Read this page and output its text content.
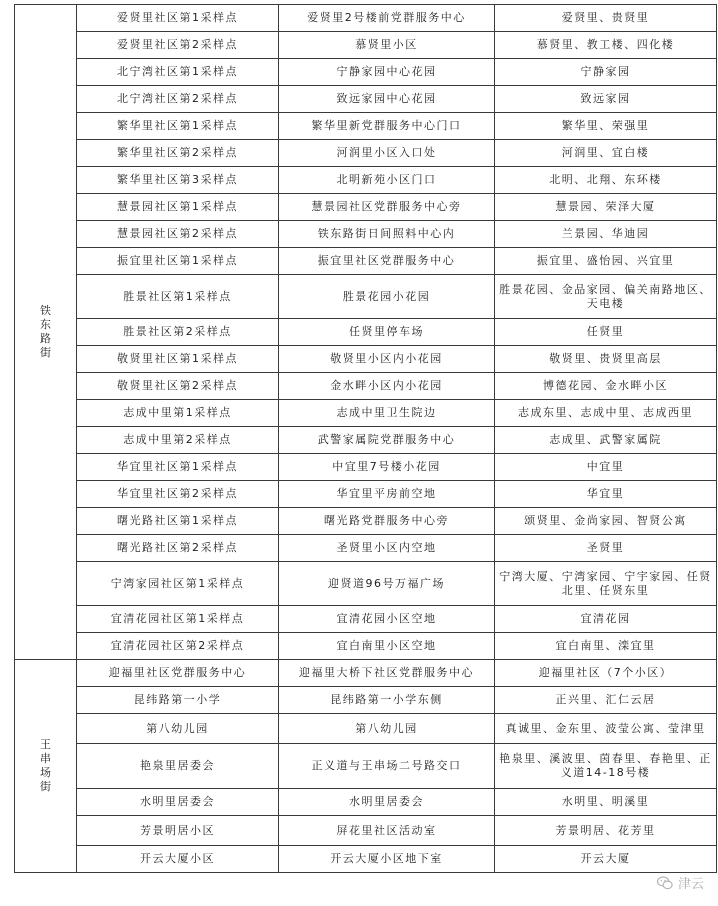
铁东路街	爱贤里社区第1采样点	爱贤里2号楼前党群服务中心	爱贤里、贵贤里
	爱贤里社区第2采样点	慕贤里小区	慕贤里、教工楼、四化楼
	北宁湾社区第1采样点	宁静家园中心花园	宁静家园
	北宁湾社区第2采样点	致远家园中心花园	致远家园
	繁华里社区第1采样点	繁华里新党群服务中心门口	繁华里、荣强里
	繁华里社区第2采样点	河润里小区入口处	河润里、宜白楼
	繁华里社区第3采样点	北明新苑小区门口	北明、北翔、东环楼
	慧景园社区第1采样点	慧景园社区党群服务中心旁	慧景园、荣泽大厦
	慧景园社区第2采样点	铁东路街日间照料中心内	兰景园、华迪园
	振宜里社区第1采样点	振宜里社区党群服务中心	振宜里、盛怡园、兴宜里
	胜景社区第1采样点	胜景花园小花园	胜景花园、金品家园、偏关南路地区、天电楼
	胜景社区第2采样点	任贤里停车场	任贤里
	敬贤里社区第1采样点	敬贤里小区内小花园	敬贤里、贵贤里高层
	敬贤里社区第2采样点	金水畔小区内小花园	博德花园、金水畔小区
	志成中里第1采样点	志成中里卫生院边	志成东里、志成中里、志成西里
	志成中里第2采样点	武警家属院党群服务中心	志成里、武警家属院
	华宜里社区第1采样点	中宜里7号楼小花园	中宜里
	华宜里社区第2采样点	华宜里平房前空地	华宜里
	曙光路社区第1采样点	曙光路党群服务中心旁	颂贤里、金尚家园、智贤公寓
	曙光路社区第2采样点	圣贤里小区内空地	圣贤里
	宁湾家园社区第1采样点	迎贤道96号万福广场	宁湾大厦、宁湾家园、宁宇家园、任贤北里、任贤东里
	宜清花园社区第1采样点	宜清花园小区空地	宜清花园
	宜清花园社区第2采样点	宜白南里小区空地	宜白南里、滦宜里
王串场街	迎福里社区党群服务中心	迎福里大桥下社区党群服务中心	迎福里社区（7个小区）
	昆纬路第一小学	昆纬路第一小学东侧	正兴里、汇仁云居
	第八幼儿园	第八幼儿园	真诚里、金东里、波莹公寓、莹津里
	艳泉里居委会	正义道与王串场二号路交口	艳泉里、溪波里、茵春里、春艳里、正义道14-18号楼
	水明里居委会	水明里居委会	水明里、明溪里
	芳景明居小区	屏花里社区活动室	芳景明居、花芳里
	开云大厦小区	开云大厦小区地下室	开云大厦
津云
